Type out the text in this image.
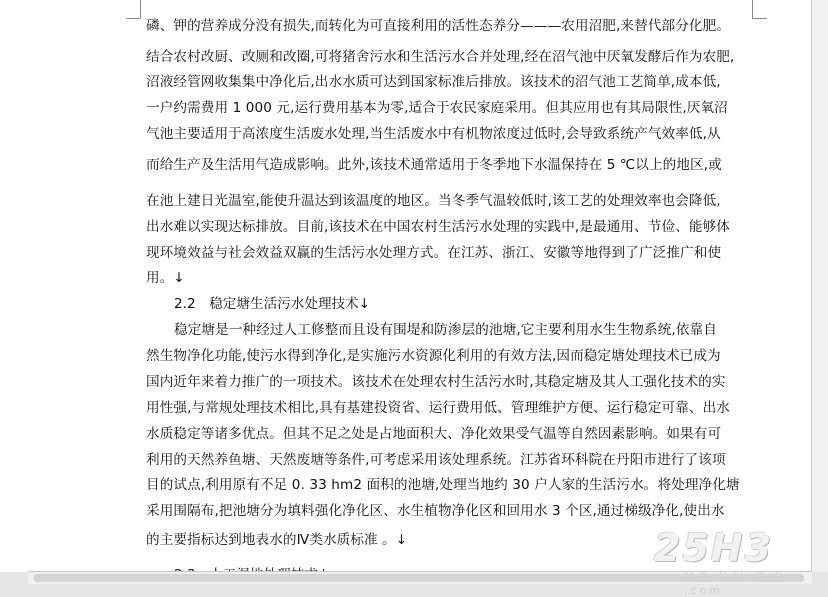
磷、钾的营养成分没有损失,而转化为可直接利用的活性态养分———农用沼肥,来替代部分化肥。
结合农村改厨、改厕和改圈,可将猪舍污水和生活污水合并处理,经在沼气池中厌氧发酵后作为农肥,
沼液经管网收集集中净化后,出水水质可达到国家标准后排放。该技术的沼气池工艺简单,成本低,
一户约需费用 1 000 元,运行费用基本为零,适合于农民家庭采用。但其应用也有其局限性,厌氧沼
气池主要适用于高浓度生活废水处理,当生活废水中有机物浓度过低时,会导致系统产气效率低,从
而给生产及生活用气造成影响。此外,该技术通常适用于冬季地下水温保持在 5 ℃以上的地区,或
在池上建日光温室,能使升温达到该温度的地区。当冬季气温较低时,该工艺的处理效率也会降低,
出水难以实现达标排放。目前,该技术在中国农村生活污水处理的实践中,是最通用、节俭、能够体
现环境效益与社会效益双赢的生活污水处理方式。在江苏、浙江、安徽等地得到了广泛推广和使
用。↓
2.2　稳定塘生活污水处理技术↓
稳定塘是一种经过人工修整而且设有围堤和防渗层的池塘,它主要利用水生生物系统,依靠自
然生物净化功能,使污水得到净化,是实施污水资源化利用的有效方法,因而稳定塘处理技术已成为
国内近年来着力推广的一项技术。该技术在处理农村生活污水时,其稳定塘及其人工强化技术的实
用性强,与常规处理技术相比,具有基建投资省、运行费用低、管理维护方便、运行稳定可靠、出水
水质稳定等诸多优点。但其不足之处是占地面积大、净化效果受气温等自然因素影响。如果有可
利用的天然养鱼塘、天然废塘等条件,可考虑采用该处理系统。江苏省环科院在丹阳市进行了该项
目的试点,利用原有不足 0. 33 hm2 面积的池塘,处理当地约 30 户人家的生活污水。将处理净化塘
采用围隔布,把池塘分为填料强化净化区、水生植物净化区和回用水 3 个区,通过梯级净化,使出水
的主要指标达到地表水的Ⅳ类水质标准 。↓	25H3
绿色 环保 学 社 .com
